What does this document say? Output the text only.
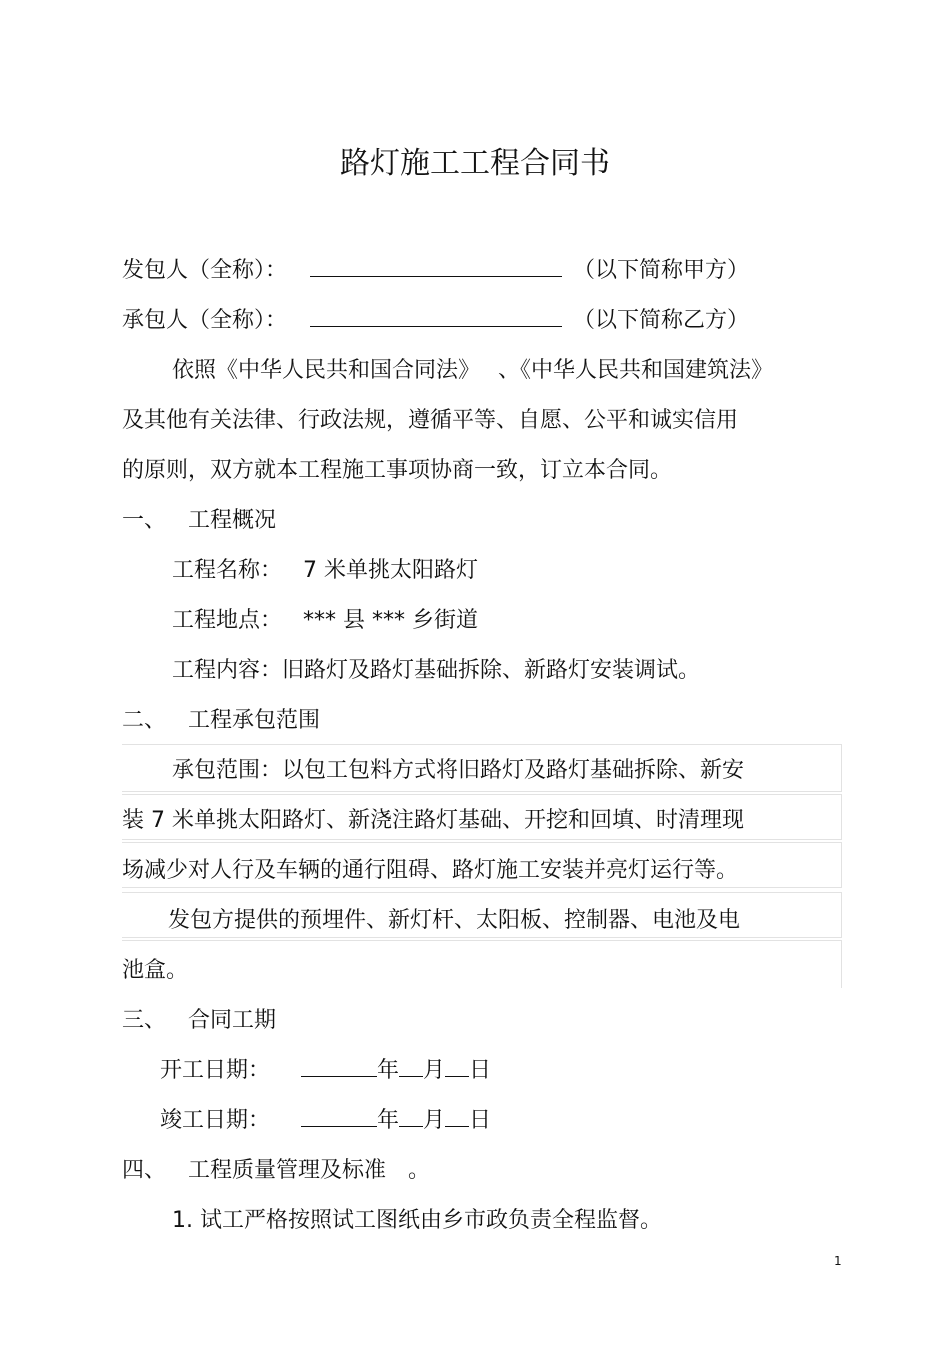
路灯施工工程合同书
发包人（全称）：	（以下简称甲方）
承包人（全称）：	（以下简称乙方）
依照《中华人民共和国合同法》　 、《中华人民共和国建筑法》
及其他有关法律、行政法规，遵循平等、自愿、公平和诚实信用
的原则，双方就本工程施工事项协商一致，订立本合同。
一、 工程概况
工程名称： 7 米单挑太阳路灯
工程地点： *** 县 *** 乡街道
工程内容：旧路灯及路灯基础拆除、新路灯安装调试。
二、 工程承包范围
承包范围：以包工包料方式将旧路灯及路灯基础拆除、新安
装 7 米单挑太阳路灯、新浇注路灯基础、开挖和回填、时清理现
场减少对人行及车辆的通行阻碍、路灯施工安装并亮灯运行等。
发包方提供的预埋件、新灯杆、太阳板、控制器、电池及电
池盒。
三、 合同工期
开工日期：	年 月 日
竣工日期：	年 月 日
四、 工程质量管理及标准　。
1. 试工严格按照试工图纸由乡市政负责全程监督。
1
